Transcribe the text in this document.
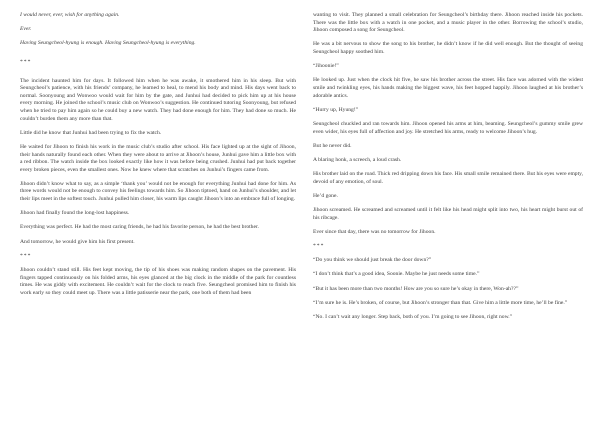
I would never, ever, wish for anything again.

Ever.

Having Seungcheol-hyung is enough. Having Seungcheol-hyung is everything.

***

The incident haunted him for days. It followed him when he was awake, it smothered him in his sleep. But with Seungcheol’s patience, with his friends’ company, he learned to heal, to mend his body and mind. His days went back to normal. Soonyoung and Wonwoo would wait for him by the gate, and Junhui had decided to pick him up at his house every morning. He joined the school’s music club on Wonwoo’s suggestion. He continued tutoring Soonyoung, but refused when he tried to pay him again so he could buy a new watch. They had done enough for him. They had done so much. He couldn’t burden them any more than that.

Little did he know that Junhui had been trying to fix the watch.

He waited for Jihoon to finish his work in the music club’s studio after school. His face lighted up at the sight of Jihoon, their hands naturally found each other. When they were about to arrive at Jihoon’s house, Junhui gave him a little box with a red ribbon. The watch inside the box looked exactly like how it was before being crushed. Junhui had put back together every broken pieces, even the smallest ones. Now he knew where that scratches on Junhui’s fingers came from.

Jihoon didn’t know what to say, as a simple ‘thank you’ would not be enough for everything Junhui had done for him. As three words would not be enough to convey his feelings towards him. So Jihoon tiptoed, hand on Junhui’s shoulder, and let their lips meet in the softest touch. Junhui pulled him closer, his warm lips caught Jihoon’s into an embrace full of longing.

Jihoon had finally found the long-lost happiness.

Everything was perfect. He had the most caring friends, he had his favorite person, he had the best brother.

And tomorrow, he would give him his first present.

***

Jihoon couldn’t stand still. His feet kept moving, the tip of his shoes was making random shapes on the pavement. His fingers tapped continuously on his folded arms, his eyes glanced at the big clock in the middle of the park for countless times. He was giddy with excitement. He couldn’t wait for the clock to reach five. Seungcheol promised him to finish his work early so they could meet up. There was a little patisserie near the park, one both of them had been

wanting to visit. They planned a small celebration for Seungcheol’s birthday there. Jihoon reached inside his pockets. There was the little box with a watch in one pocket, and a music player in the other. Borrowing the school’s studio, Jihoon composed a song for Seungcheol.

He was a bit nervous to show the song to his brother, he didn’t know if he did well enough. But the thought of seeing Seungcheol happy soothed him.

“Jihoonie!”

He looked up. Just when the clock hit five, he saw his brother across the street. His face was adorned with the widest smile and twinkling eyes, his hands making the biggest wave, his feet hopped happily. Jihoon laughed at his brother’s adorable antics.

“Hurry up, Hyung!”

Seungcheol chuckled and ran towards him. Jihoon opened his arms at him, beaming. Seungcheol’s gummy smile grew even wider, his eyes full of affection and joy. He stretched his arms, ready to welcome Jihoon’s hug.

But he never did.

A blaring honk, a screech, a loud crash.

His brother laid on the road. Thick red dripping down his face. His small smile remained there. But his eyes were empty, devoid of any emotion, of soul.

He’d gone.

Jihoon screamed. He screamed and screamed until it felt like his head might split into two, his heart might burst out of his ribcage.

Ever since that day, there was no tomorrow for Jihoon.

***

“Do you think we should just break the door down?”

“I don’t think that’s a good idea, Soonie. Maybe he just needs some time.”

“But it has been more than two months! How are you so sure he’s okay in there, Won-ah??”

“I’m sure he is. He’s broken, of course, but Jihoon’s stronger than that. Give him a little more time, he’ll be fine.”

“No. I can’t wait any longer. Step back, both of you. I’m going to see Jihoon, right now.”
